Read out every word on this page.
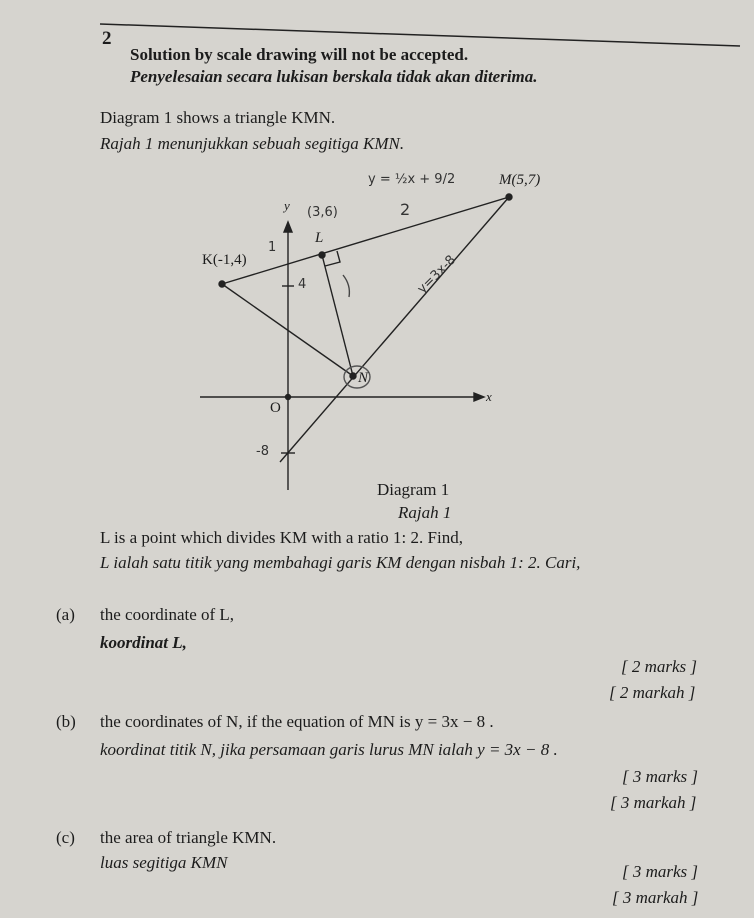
2
Solution by scale drawing will not be accepted.
Penyelesaian secara lukisan berskala tidak akan diterima.
Diagram 1 shows a triangle KMN.
Rajah 1 menunjukkan sebuah segitiga KMN.
K(-1,4)
M(5,7)
L
N
O
x
y
y = ½x + 9/2
(3,6)
1
2
4
-8
y=3x-8
Diagram 1
Rajah 1
L is a point which divides KM with a ratio 1: 2. Find,
L ialah satu titik yang membahagi garis KM dengan nisbah 1: 2. Cari,
(a) the coordinate of L,
koordinat L,
[ 2 marks ]
[ 2 markah ]
(b) the coordinates of N, if the equation of MN is y = 3x − 8 .
koordinat titik N, jika persamaan garis lurus MN ialah y = 3x − 8 .
[ 3 marks ]
[ 3 markah ]
(c) the area of triangle KMN.
luas segitiga KMN	[ 3 marks ]
[ 3 markah ]
